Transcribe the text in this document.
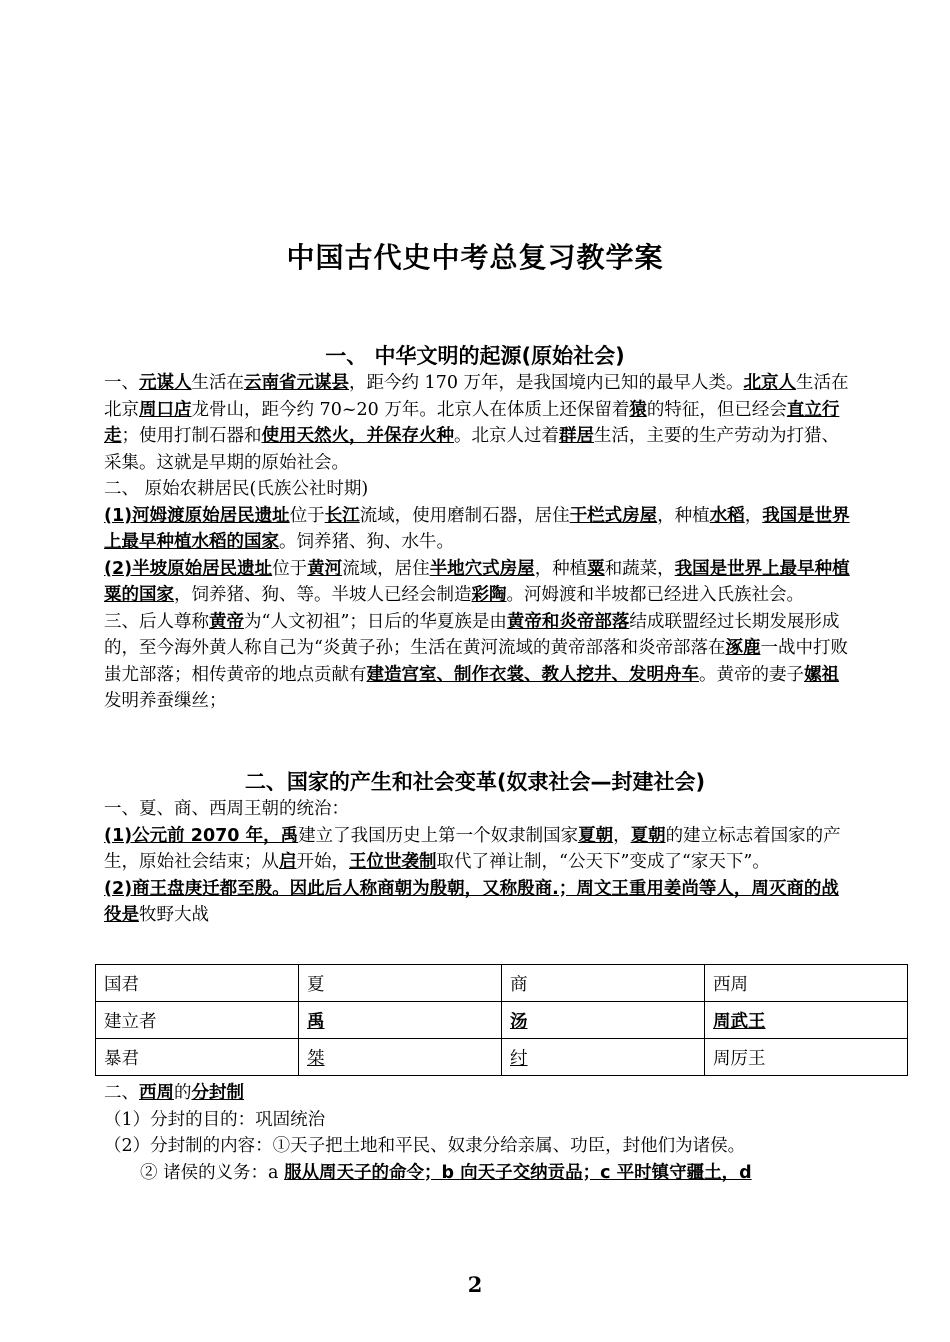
中国古代史中考总复习教学案
一、 中华文明的起源(原始社会)

一、元谋人生活在云南省元谋县，距今约 170 万年，是我国境内已知的最早人类。北京人生活在北京周口店龙骨山，距今约 70~20 万年。北京人在体质上还保留着猿的特征，但已经会直立行走；使用打制石器和使用天然火，并保存火种。北京人过着群居生活，主要的生产劳动为打猎、采集。这就是早期的原始社会。

二、 原始农耕居民(氏族公社时期)

(1)河姆渡原始居民遗址位于长江流域，使用磨制石器，居住干栏式房屋，种植水稻，我国是世界上最早种植水稻的国家。饲养猪、狗、水牛。

(2)半坡原始居民遗址位于黄河流域，居住半地穴式房屋，种植粟和蔬菜，我国是世界上最早种植粟的国家，饲养猪、狗、等。半坡人已经会制造彩陶。河姆渡和半坡都已经进入氏族社会。

三、后人尊称黄帝为“人文初祖”；日后的华夏族是由黄帝和炎帝部落结成联盟经过长期发展形成的，至今海外黄人称自己为“炎黄子孙；生活在黄河流域的黄帝部落和炎帝部落在涿鹿一战中打败蚩尤部落；相传黄帝的地点贡献有建造宫室、制作衣裳、教人挖井、发明舟车。黄帝的妻子嫘祖发明养蚕缫丝；

二、国家的产生和社会变革(奴隶社会—封建社会)

一、夏、商、西周王朝的统治：

(1)公元前 2070 年，禹建立了我国历史上第一个奴隶制国家夏朝，夏朝的建立标志着国家的产生，原始社会结束；从启开始，王位世袭制取代了禅让制，“公天下”变成了“家天下”。

(2)商王盘庚迁都至殷。因此后人称商朝为殷朝，又称殷商.；周文王重用姜尚等人，周灭商的战役是牧野大战

国君	夏	商	西周
建立者	禹	汤	周武王
暴君	桀	纣	周厉王

二、西周的分封制

（1）分封的目的：巩固统治

（2）分封制的内容：①天子把土地和平民、奴隶分给亲属、功臣，封他们为诸侯。

② 诸侯的义务：a 服从周天子的命令；b 向天子交纳贡品；c 平时镇守疆土，d

2
